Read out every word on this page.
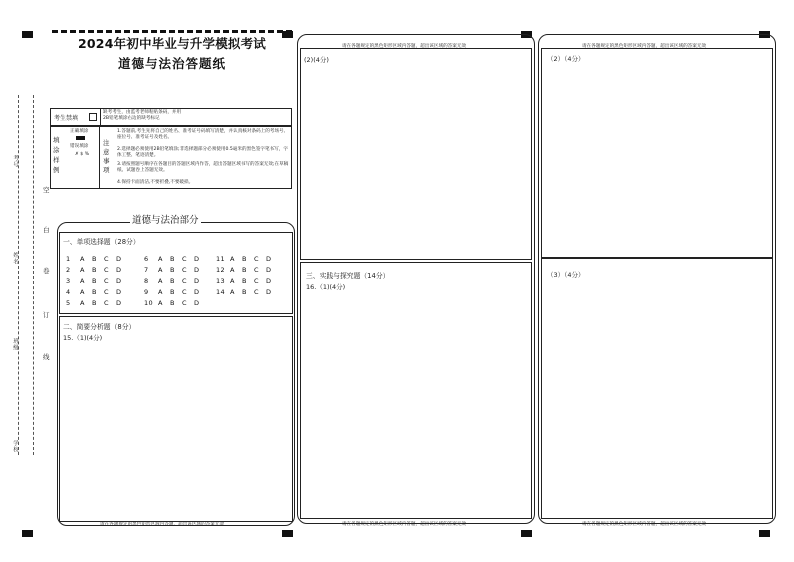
2024年初中毕业与升学模拟考试
道德与法治答题纸
考号
姓名
班级
学校
空
白
卷
订
线
考生禁填
缺考考生，由监考老师粘贴条码，并用2B铅笔填涂右边的缺考标记
填涂样例
正确填涂
错误填涂
✗ $ %
注意事项
1.答题前,考生先将自己的姓名、准考证号码填写清楚，并认真核对条码上的考场号、座位号、准考证号及姓名。
2.选择题必须使用2B铅笔填涂;非选择题部分必须使用0.5毫米的黑色签字笔书写，字体工整、笔迹清楚。
3.请按照题号顺序在各题目的答题区域内作答，超出答题区域书写的答案无效;在草稿纸、试题卷上答题无效。
4.保持卡面清洁,不要折叠,不要破损。
道德与法治部分
一、单项选择题（28分）
1 A B C D
2 A B C D
3 A B C D
4 A B C D
5 A B C D
6 A B C D
7 A B C D
8 A B C D
9 A B C D
10 A B C D
11 A B C D
12 A B C D
13 A B C D
14 A B C D
二、简要分析题（8分）
15.（1)(4分)
请在各题规定的黑色矩形区域内答题，超出该区域的答案无效
请在各题规定的黑色矩形区域内答题，超出该区域的答案无效
(2)(4分)
三、实践与探究题（14分）
16.（1)(4分)
请在各题规定的黑色矩形区域内答题，超出该区域的答案无效
请在各题规定的黑色矩形区域内答题，超出该区域的答案无效
（2）（4分）
（3）（4分）
请在各题规定的黑色矩形区域内答题，超出该区域的答案无效
